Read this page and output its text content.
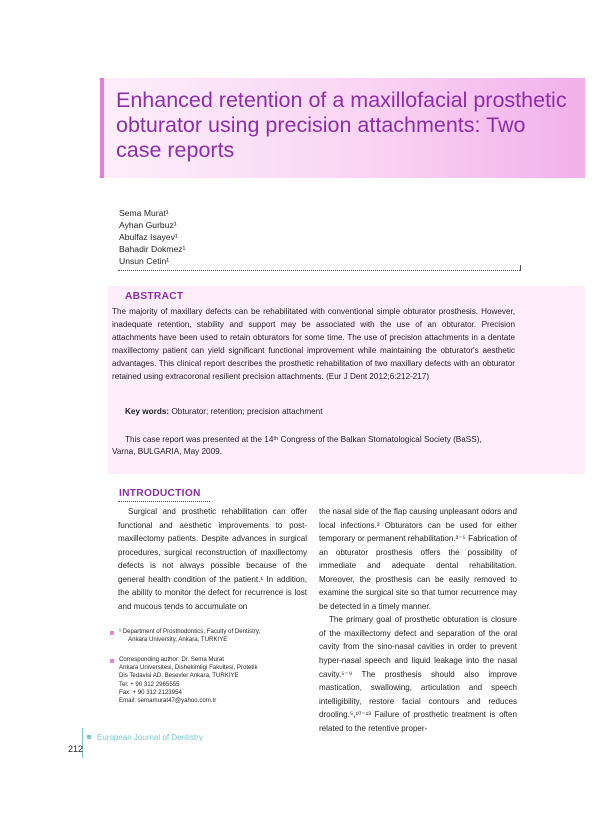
Enhanced retention of a maxillofacial prosthetic obturator using precision attachments: Two case reports
Sema Murat¹
Ayhan Gurbuz¹
Abulfaz Isayev¹
Bahadir Dokmez¹
Unsun Cetin¹
ABSTRACT
The majority of maxillary defects can be rehabilitated with conventional simple obturator prosthesis. However, inadequate retention, stability and support may be associated with the use of an obturator. Precision attachments have been used to retain obturators for some time. The use of precision attachments in a dentate maxillectomy patient can yield significant functional improvement while maintaining the obturator's aesthetic advantages. This clinical report describes the prosthetic rehabilitation of two maxillary defects with an obturator retained using extracoronal resilient precision attachments. (Eur J Dent 2012;6:212-217)
Key words: Obturator; retention; precision attachment
This case report was presented at the 14ᵗʰ Congress of the Balkan Stomatological Society (BaSS),
Varna, BULGARIA, May 2009.
INTRODUCTION

Surgical and prosthetic rehabilitation can offer functional and aesthetic improvements to post-maxillectomy patients. Despite advances in surgical procedures, surgical reconstruction of maxillectomy defects is not always possible because of the general health condition of the patient.¹ In addition, the ability to monitor the defect for recurrence is lost and mucous tends to accumulate on

the nasal side of the flap causing unpleasant odors and local infections.² Obturators can be used for either temporary or permanent rehabilitation.³⁻⁵ Fabrication of an obturator prosthesis offers the possibility of immediate and adequate dental rehabilitation. Moreover, the prosthesis can be easily removed to examine the surgical site so that tumor recurrence may be detected in a timely manner.

The primary goal of prosthetic obturation is closure of the maxillectomy defect and separation of the oral cavity from the sino-nasal cavities in order to prevent hyper-nasal speech and liquid leakage into the nasal cavity.⁵⁻⁹ The prosthesis should also improve mastication, swallowing, articulation and speech intelligibility, restore facial contours and reduces drooling.⁵,¹⁰⁻¹³ Failure of prosthetic treatment is often related to the retentive proper-

¹ Department of Prosthodontics, Faculty of Dentistry,
Ankara University, Ankara, TURKIYE
Corresponding author: Dr. Sema Murat
Ankara Universitesi, Dishekimligi Fakultesi, Protetik
Dis Tedavisi AD. Besevler Ankara, TURKIYE
Tel: + 90 312 2965555
Fax: + 90 312 2123954
Email: semamurat47@yahoo.com.tr
212
European Journal of Dentistry
